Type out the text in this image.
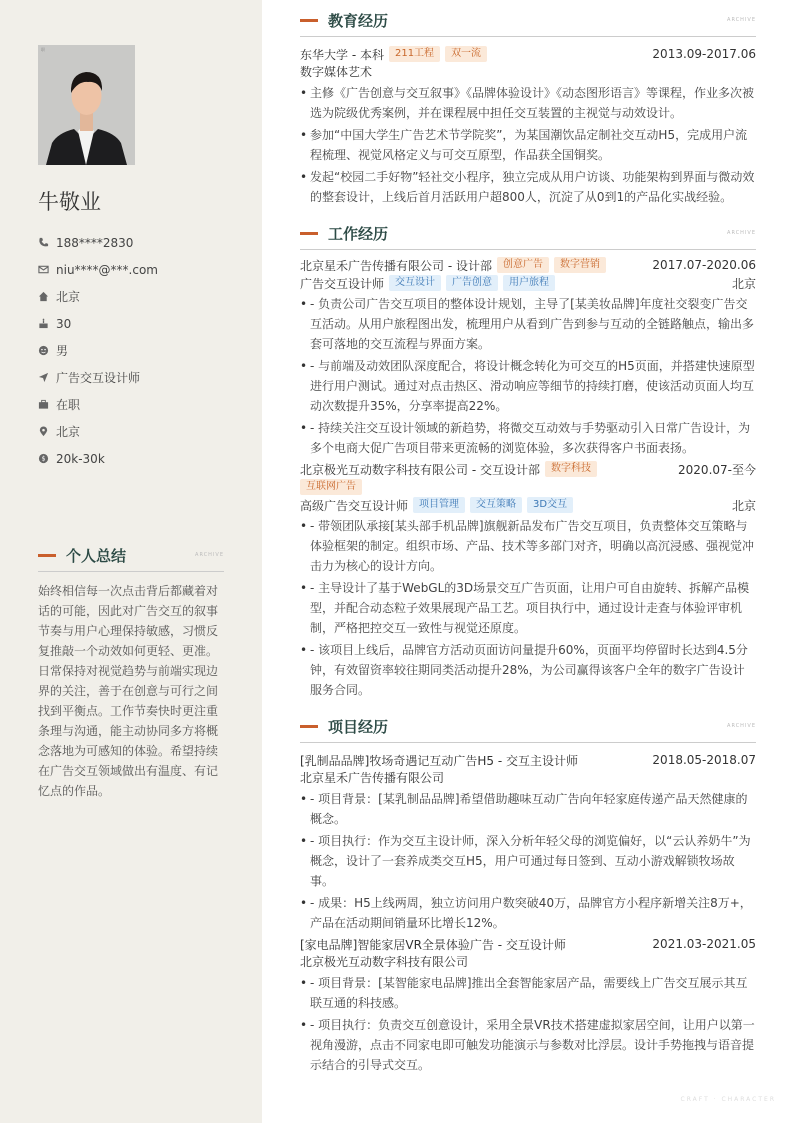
职
牛敬业
188****2830
niu****@***.com
北京
30
男
广告交互设计师
在职
北京
$ 20k-30k
个人总结	ARCHIVE
始终相信每一次点击背后都藏着对话的可能，因此对广告交互的叙事节奏与用户心理保持敏感，习惯反复推敲一个动效如何更轻、更准。日常保持对视觉趋势与前端实现边界的关注，善于在创意与可行之间找到平衡点。工作节奏快时更注重条理与沟通，能主动协同多方将概念落地为可感知的体验。希望持续在广告交互领域做出有温度、有记忆点的作品。
教育经历	ARCHIVE
东华大学 - 本科	211工程	双一流	2013.09-2017.06
数字媒体艺术
• 主修《广告创意与交互叙事》《品牌体验设计》《动态图形语言》等课程，作业多次被选为院级优秀案例，并在课程展中担任交互装置的主视觉与动效设计。
• 参加“中国大学生广告艺术节学院奖”，为某国潮饮品定制社交互动H5，完成用户流程梳理、视觉风格定义与可交互原型，作品获全国铜奖。
• 发起“校园二手好物”轻社交小程序，独立完成从用户访谈、功能架构到界面与微动效的整套设计，上线后首月活跃用户超800人，沉淀了从0到1的产品化实战经验。
工作经历	ARCHIVE
北京星禾广告传播有限公司 - 设计部	创意广告	数字营销	2017.07-2020.06
广告交互设计师	交互设计	广告创意	用户旅程	北京
• - 负责公司广告交互项目的整体设计规划，主导了[某美妆品牌]年度社交裂变广告交互活动。从用户旅程图出发，梳理用户从看到广告到参与互动的全链路触点，输出多套可落地的交互流程与界面方案。
• - 与前端及动效团队深度配合，将设计概念转化为可交互的H5页面，并搭建快速原型进行用户测试。通过对点击热区、滑动响应等细节的持续打磨，使该活动页面人均互动次数提升35%，分享率提高22%。
• - 持续关注交互设计领域的新趋势，将微交互动效与手势驱动引入日常广告设计，为多个电商大促广告项目带来更流畅的浏览体验，多次获得客户书面表扬。
北京极光互动数字科技有限公司 - 交互设计部	数字科技	2020.07-至今
互联网广告
高级广告交互设计师	项目管理	交互策略	3D交互	北京
• - 带领团队承接[某头部手机品牌]旗舰新品发布广告交互项目，负责整体交互策略与体验框架的制定。组织市场、产品、技术等多部门对齐，明确以高沉浸感、强视觉冲击力为核心的设计方向。
• - 主导设计了基于WebGL的3D场景交互广告页面，让用户可自由旋转、拆解产品模型，并配合动态粒子效果展现产品工艺。项目执行中，通过设计走查与体验评审机制，严格把控交互一致性与视觉还原度。
• - 该项目上线后，品牌官方活动页面访问量提升60%，页面平均停留时长达到4.5分钟，有效留资率较往期同类活动提升28%，为公司赢得该客户全年的数字广告设计服务合同。
项目经历	ARCHIVE
[乳制品品牌]牧场奇遇记互动广告H5 - 交互主设计师	2018.05-2018.07
北京星禾广告传播有限公司
• - 项目背景：[某乳制品品牌]希望借助趣味互动广告向年轻家庭传递产品天然健康的概念。
• - 项目执行：作为交互主设计师，深入分析年轻父母的浏览偏好，以“云认养奶牛”为概念，设计了一套养成类交互H5，用户可通过每日签到、互动小游戏解锁牧场故事。
• - 成果：H5上线两周，独立访问用户数突破40万，品牌官方小程序新增关注8万+，产品在活动期间销量环比增长12%。
[家电品牌]智能家居VR全景体验广告 - 交互设计师	2021.03-2021.05
北京极光互动数字科技有限公司
• - 项目背景：[某智能家电品牌]推出全套智能家居产品，需要线上广告交互展示其互联互通的科技感。
• - 项目执行：负责交互创意设计，采用全景VR技术搭建虚拟家居空间，让用户以第一视角漫游，点击不同家电即可触发功能演示与参数对比浮层。设计手势拖拽与语音提示结合的引导式交互。
CRAFT · CHARACTER
